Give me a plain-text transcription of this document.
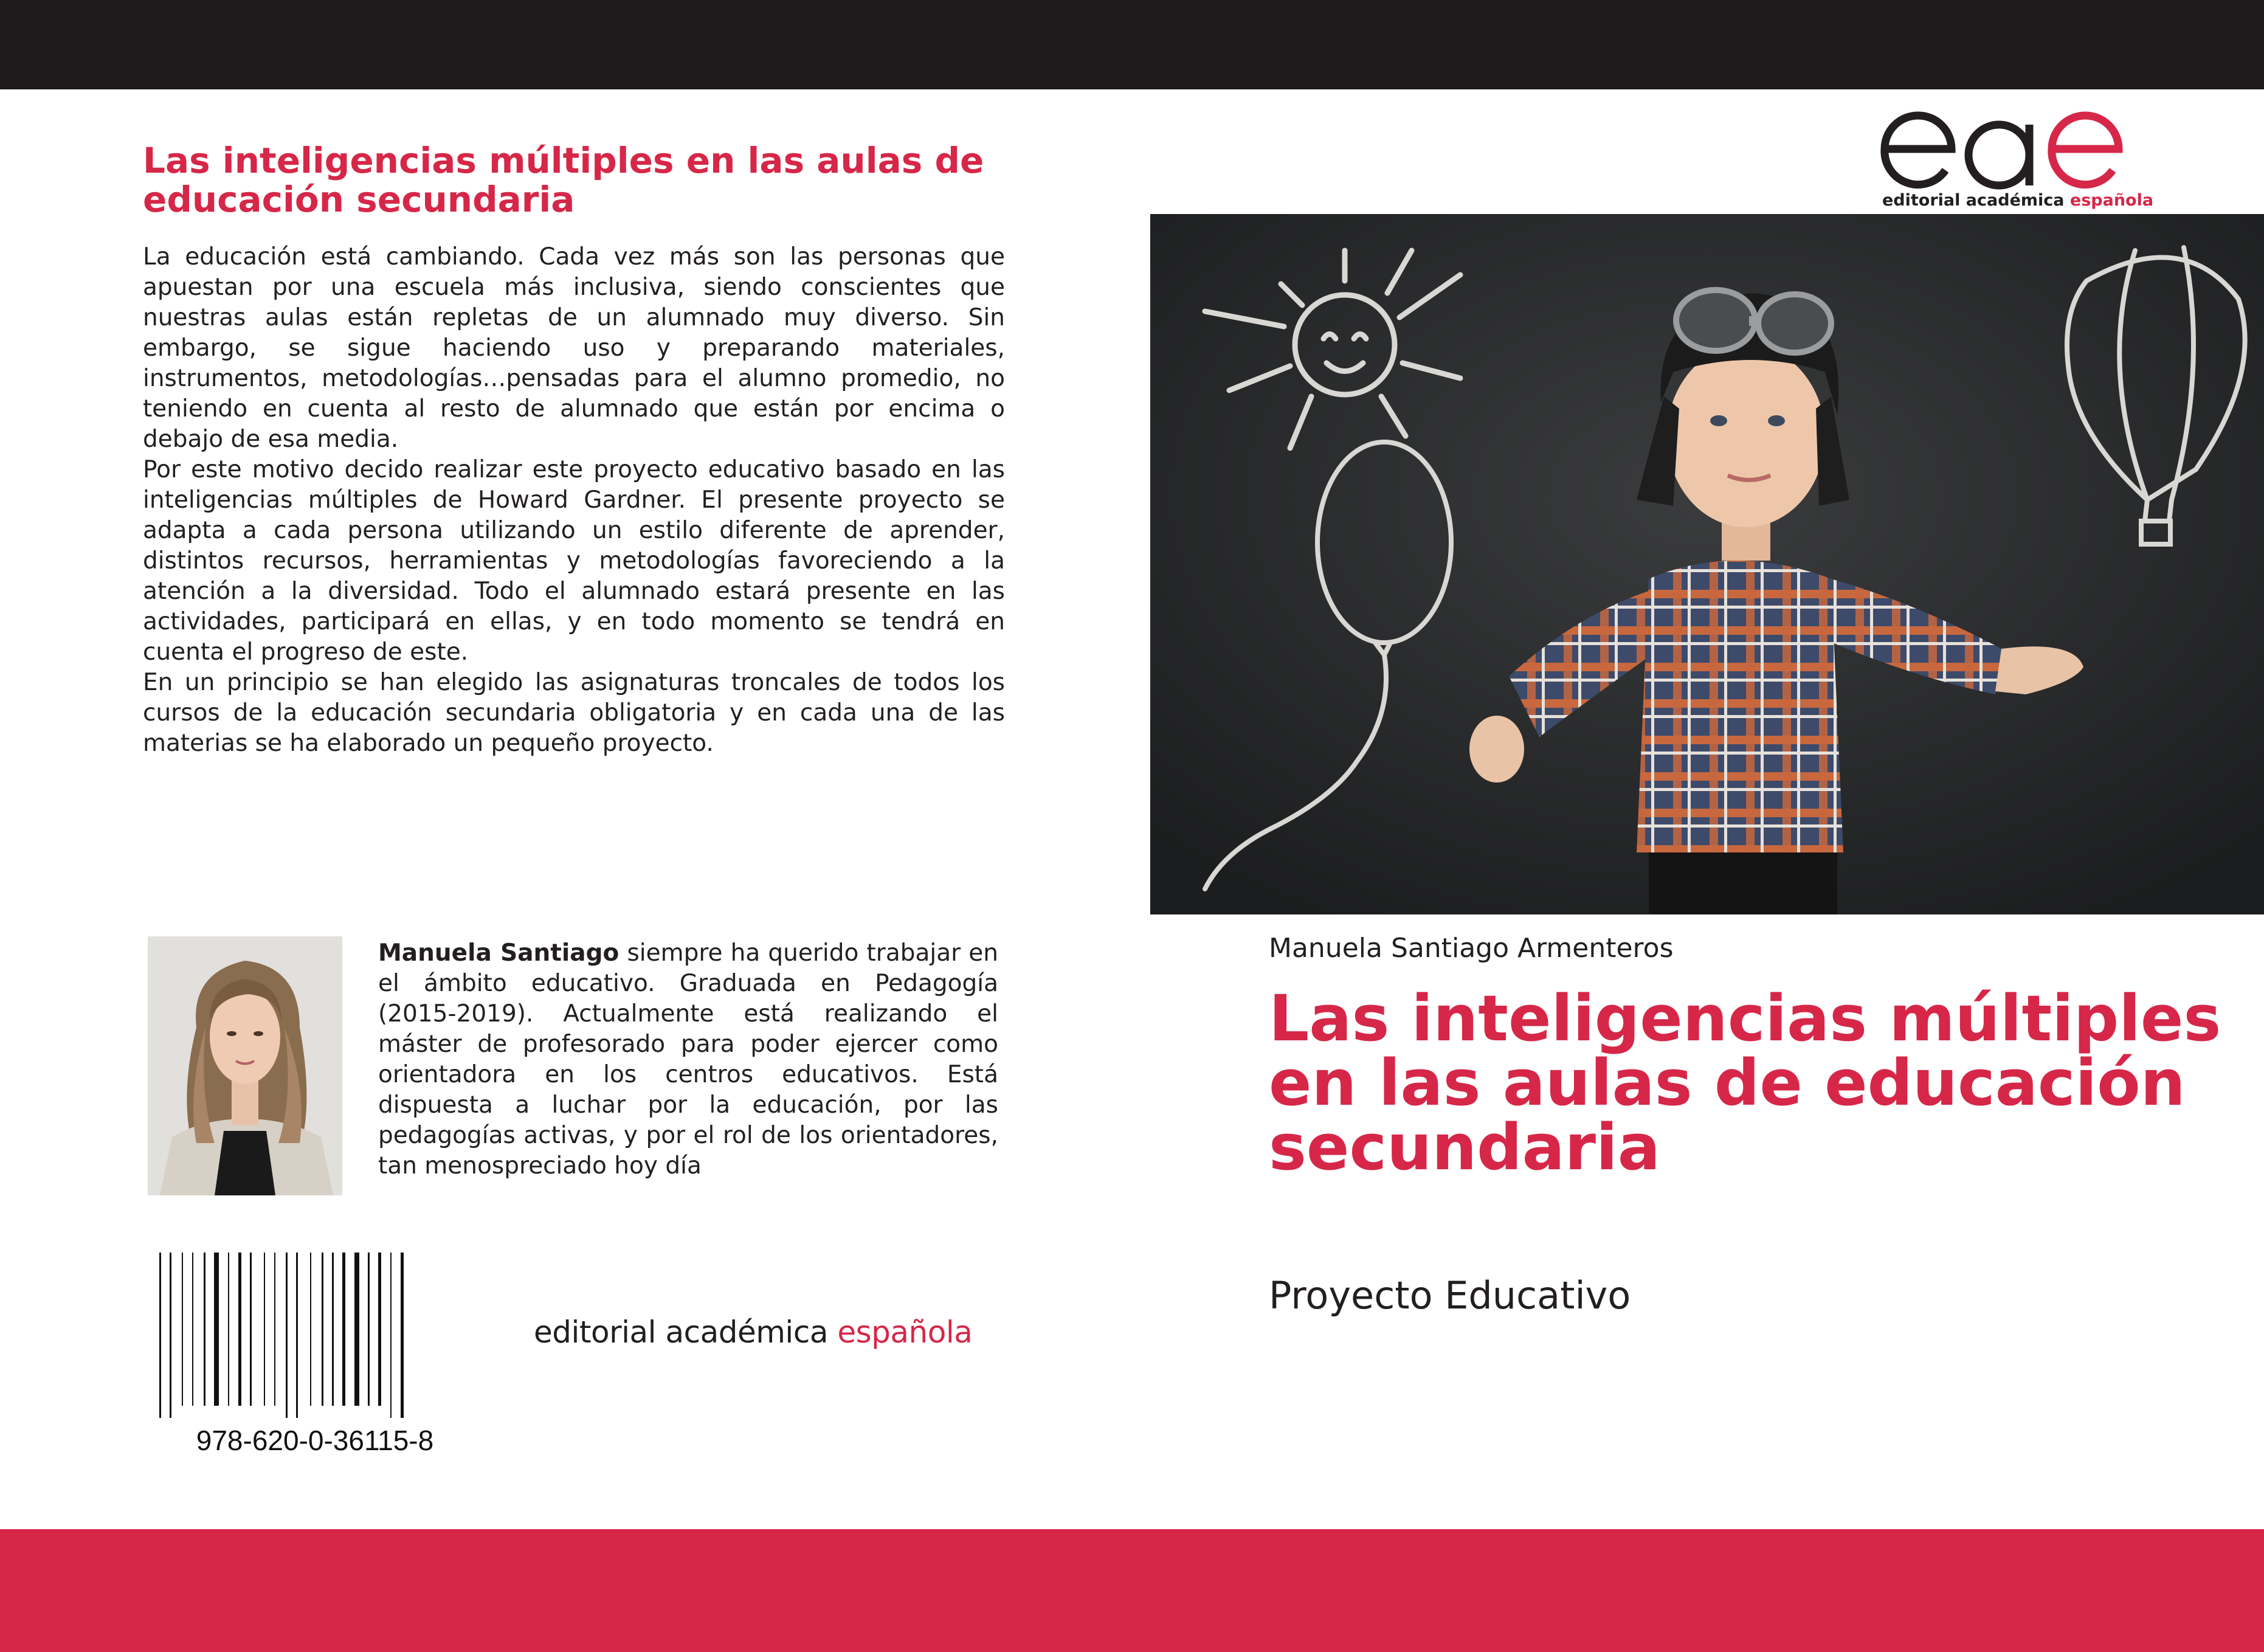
Las inteligencias múltiples en las aulas de educación secundaria

La educación está cambiando. Cada vez más son las personas que apuestan por una escuela más inclusiva, siendo conscientes que nuestras aulas están repletas de un alumnado muy diverso. Sin embargo, se sigue haciendo uso y preparando materiales, instrumentos, metodologías…pensadas para el alumno promedio, no teniendo en cuenta al resto de alumnado que están por encima o debajo de esa media.

Por este motivo decido realizar este proyecto educativo basado en las inteligencias múltiples de Howard Gardner. El presente proyecto se adapta a cada persona utilizando un estilo diferente de aprender, distintos recursos, herramientas y metodologías favoreciendo a la atención a la diversidad. Todo el alumnado estará presente en las actividades, participará en ellas, y en todo momento se tendrá en cuenta el progreso de este.

En un principio se han elegido las asignaturas troncales de todos los cursos de la educación secundaria obligatoria y en cada una de las materias se ha elaborado un pequeño proyecto.

Manuela Santiago siempre ha querido trabajar en el ámbito educativo. Graduada en Pedagogía (2015-2019). Actualmente está realizando el máster de profesorado para poder ejercer como orientadora en los centros educativos. Está dispuesta a luchar por la educación, por las pedagogías activas, y por el rol de los orientadores, tan menospreciado hoy día
978-620-0-36115-8
editorial académica española
editorial académica española
Manuela Santiago Armenteros
Las inteligencias múltiples en las aulas de educación secundaria
Proyecto Educativo
